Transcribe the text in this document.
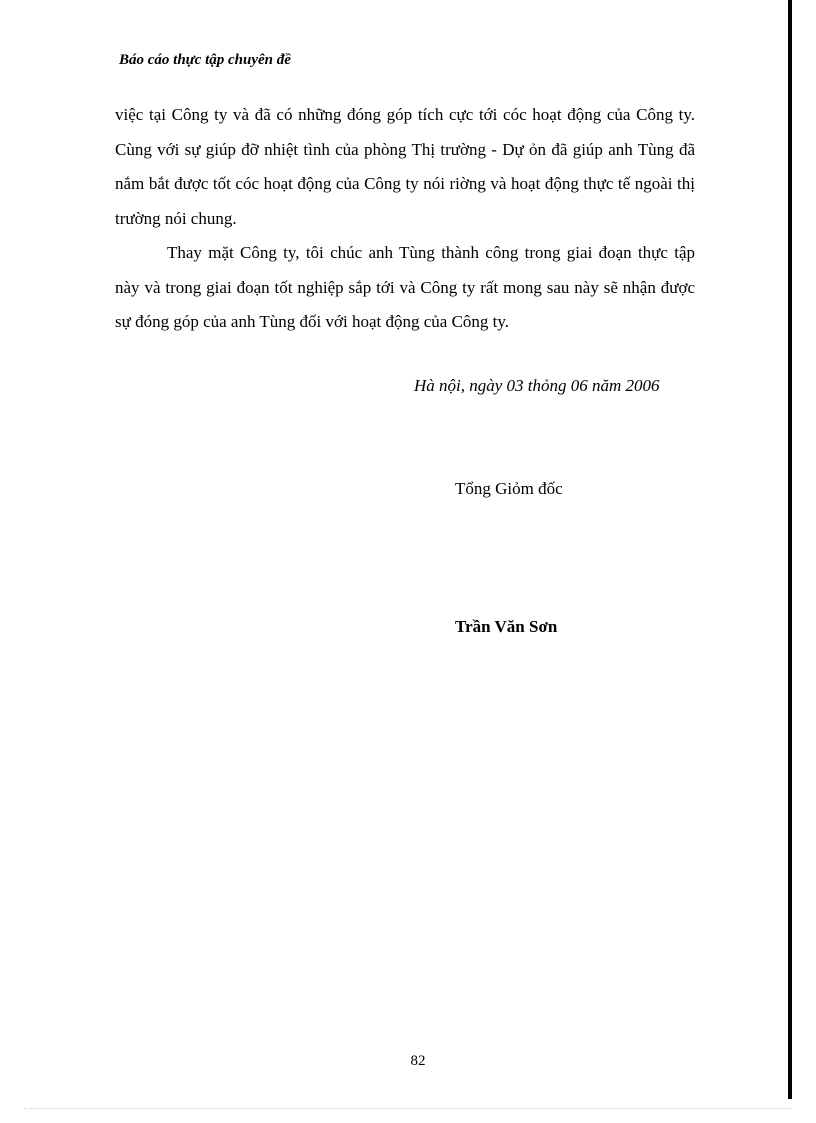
Báo cáo thực tập chuyên đề

việc tại Công ty và đã có những đóng góp tích cực tới cóc hoạt động của Công ty. Cùng với sự giúp đỡ nhiệt tình của phòng Thị trường - Dự ỏn đã giúp anh Tùng đã nắm bắt được tốt cóc hoạt động của Công ty nói riờng và hoạt động thực tế ngoài thị trường nói chung.

Thay mặt Công ty, tôi chúc anh Tùng thành công trong giai đoạn thực tập này và trong giai đoạn tốt nghiệp sắp tới và Công ty rất mong sau này sẽ nhận được sự đóng góp của anh Tùng đối với hoạt động của Công ty.

Hà nội, ngày 03 thỏng 06 năm 2006
Tổng Giỏm đốc
Trần Văn Sơn
82
